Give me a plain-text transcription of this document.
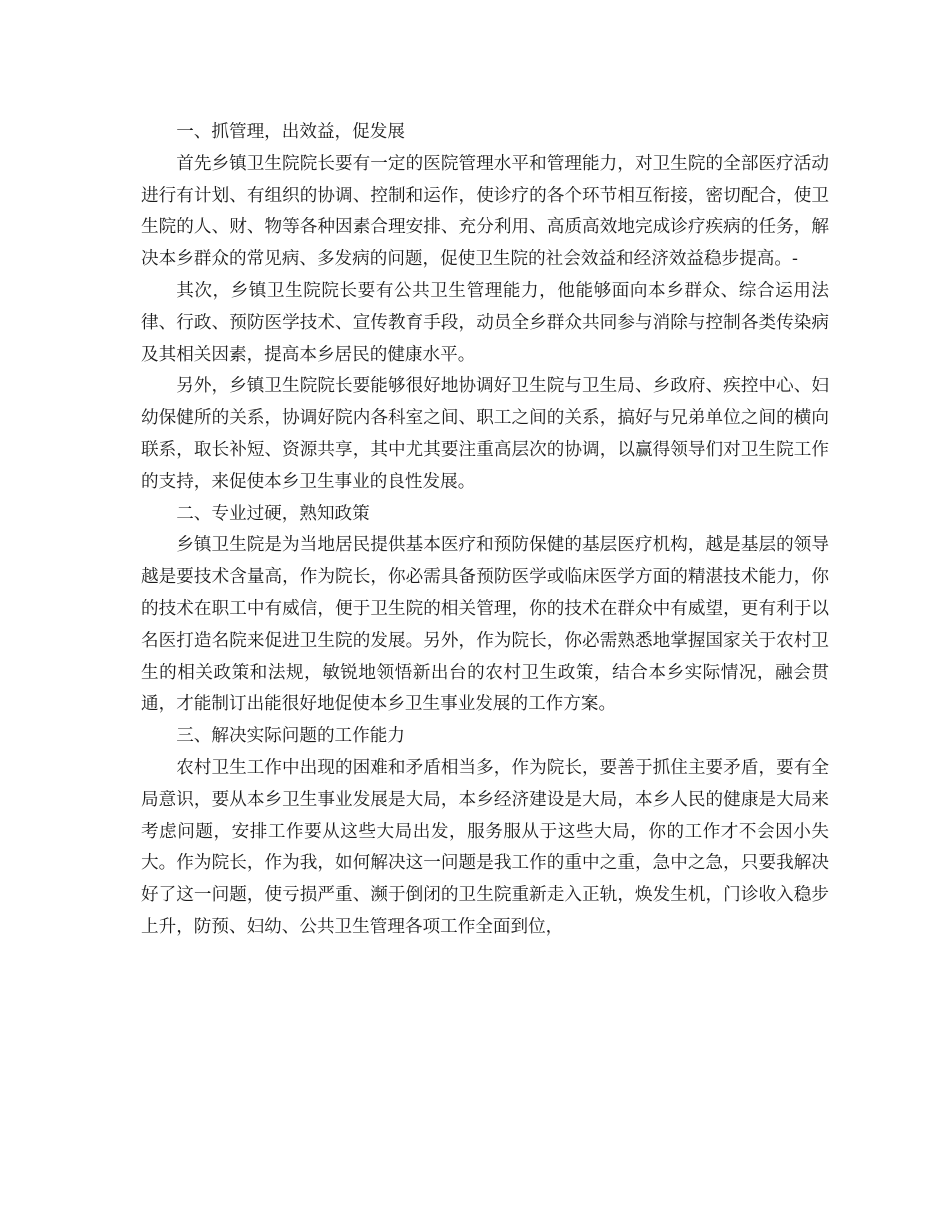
一、抓管理，出效益，促发展

首先乡镇卫生院院长要有一定的医院管理水平和管理能力，对卫生院的全部医疗活动进行有计划、有组织的协调、控制和运作，使诊疗的各个环节相互衔接，密切配合，使卫生院的人、财、物等各种因素合理安排、充分利用、高质高效地完成诊疗疾病的任务，解决本乡群众的常见病、多发病的问题，促使卫生院的社会效益和经济效益稳步提高。-

其次，乡镇卫生院院长要有公共卫生管理能力，他能够面向本乡群众、综合运用法律、行政、预防医学技术、宣传教育手段，动员全乡群众共同参与消除与控制各类传染病及其相关因素，提高本乡居民的健康水平。

另外，乡镇卫生院院长要能够很好地协调好卫生院与卫生局、乡政府、疾控中心、妇幼保健所的关系，协调好院内各科室之间、职工之间的关系，搞好与兄弟单位之间的横向联系，取长补短、资源共享，其中尤其要注重高层次的协调，以赢得领导们对卫生院工作的支持，来促使本乡卫生事业的良性发展。

二、专业过硬，熟知政策

乡镇卫生院是为当地居民提供基本医疗和预防保健的基层医疗机构，越是基层的领导越是要技术含量高，作为院长，你必需具备预防医学或临床医学方面的精湛技术能力，你的技术在职工中有威信，便于卫生院的相关管理，你的技术在群众中有威望，更有利于以名医打造名院来促进卫生院的发展。另外，作为院长，你必需熟悉地掌握国家关于农村卫生的相关政策和法规，敏锐地领悟新出台的农村卫生政策，结合本乡实际情况，融会贯通，才能制订出能很好地促使本乡卫生事业发展的工作方案。

三、解决实际问题的工作能力

农村卫生工作中出现的困难和矛盾相当多，作为院长，要善于抓住主要矛盾，要有全局意识，要从本乡卫生事业发展是大局，本乡经济建设是大局，本乡人民的健康是大局来考虑问题，安排工作要从这些大局出发，服务服从于这些大局，你的工作才不会因小失大。作为院长，作为我，如何解决这一问题是我工作的重中之重，急中之急，只要我解决好了这一问题，使亏损严重、濒于倒闭的卫生院重新走入正轨，焕发生机，门诊收入稳步上升，防预、妇幼、公共卫生管理各项工作全面到位，
